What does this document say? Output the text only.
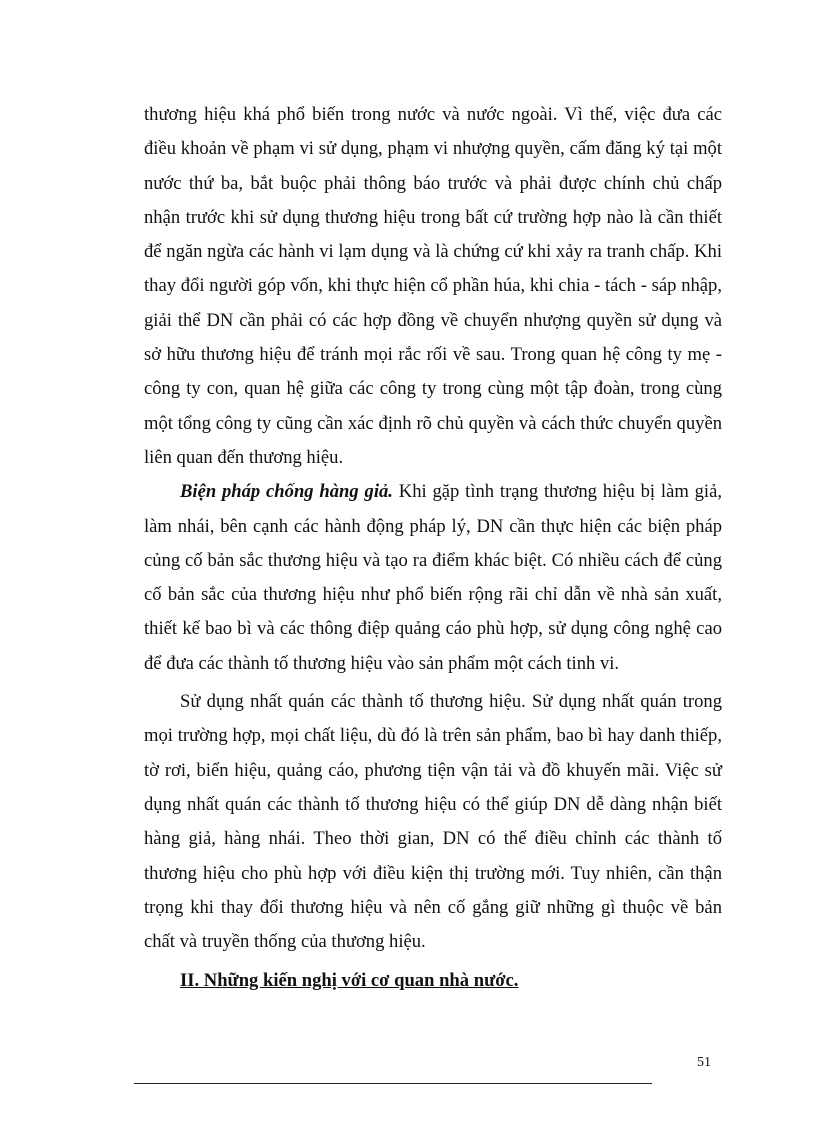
thương hiệu khá phổ biến trong nước và nước ngoài. Vì thế, việc đưa các điều khoản về phạm vi sử dụng, phạm vi nhượng quyền, cấm đăng ký tại một nước thứ ba, bắt buộc phải thông báo trước và phải được chính chủ chấp nhận trước khi sử dụng thương hiệu trong bất cứ trường hợp nào là cần thiết để ngăn ngừa các hành vi lạm dụng và là chứng cứ khi xảy ra tranh chấp. Khi thay đổi người góp vốn, khi thực hiện cổ phần húa, khi chia - tách - sáp nhập, giải thể DN cần phải có các hợp đồng về chuyển nhượng quyền sử dụng và sở hữu thương hiệu để tránh mọi rắc rối về sau. Trong quan hệ công ty mẹ - công ty con, quan hệ giữa các công ty trong cùng một tập đoàn, trong cùng một tổng công ty cũng cần xác định rõ chủ quyền và cách thức chuyển quyền liên quan đến thương hiệu.

Biện pháp chống hàng giả. Khi gặp tình trạng thương hiệu bị làm giả, làm nhái, bên cạnh các hành động pháp lý, DN cần thực hiện các biện pháp củng cố bản sắc thương hiệu và tạo ra điểm khác biệt. Có nhiều cách để củng cố bản sắc của thương hiệu như phổ biến rộng rãi chỉ dẫn về nhà sản xuất, thiết kế bao bì và các thông điệp quảng cáo phù hợp, sử dụng công nghệ cao để đưa các thành tố thương hiệu vào sản phẩm một cách tinh vi.

Sử dụng nhất quán các thành tố thương hiệu. Sử dụng nhất quán trong mọi trường hợp, mọi chất liệu, dù đó là trên sản phẩm, bao bì hay danh thiếp, tờ rơi, biển hiệu, quảng cáo, phương tiện vận tải và đồ khuyến mãi. Việc sử dụng nhất quán các thành tố thương hiệu có thể giúp DN dễ dàng nhận biết hàng giả, hàng nhái. Theo thời gian, DN có thể điều chỉnh các thành tố thương hiệu cho phù hợp với điều kiện thị trường mới. Tuy nhiên, cần thận trọng khi thay đổi thương hiệu và nên cố gắng giữ những gì thuộc về bản chất và truyền thống của thương hiệu.

II. Những kiến nghị với cơ quan nhà nước.
51
